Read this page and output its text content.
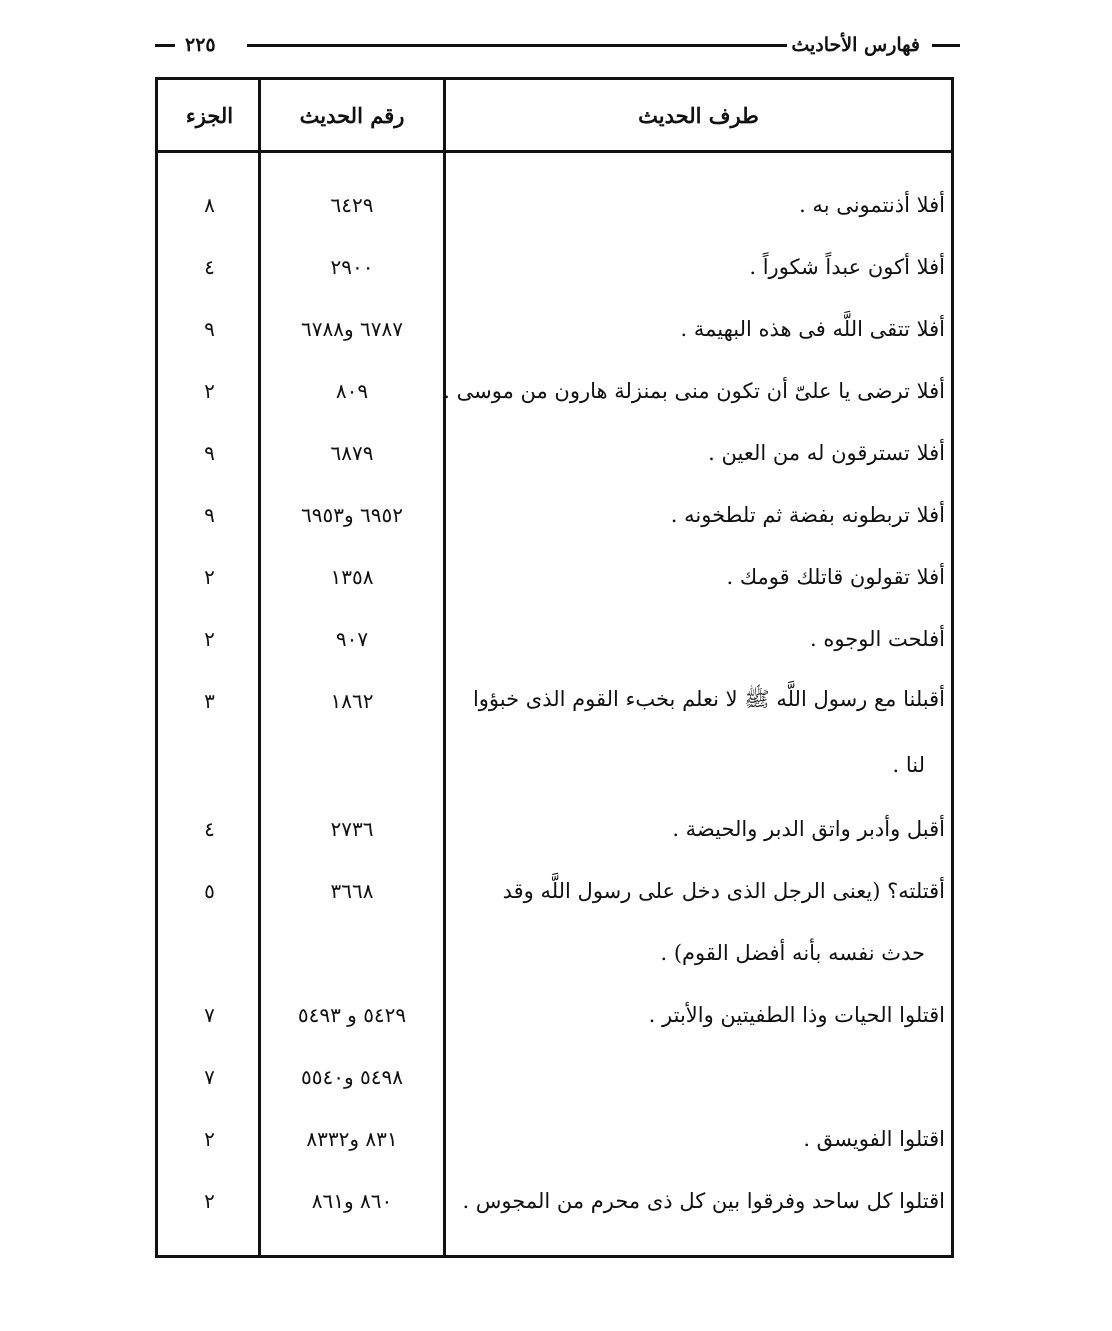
٢٢٥	فهارس الأحاديث
طرف الحديث
رقم الحديث
الجزء
أفلا أذنتمونى به .
٦٤٢٩
٨
أفلا أكون عبداً شكوراً .
٢٩٠٠
٤
أفلا تتقى اللَّه فى هذه البهيمة .
٦٧٨٧ و٦٧٨٨
٩
أفلا ترضى يا علىّ أن تكون منى بمنزلة هارون من موسى .
٨٠٩
٢
أفلا تسترقون له من العين .
٦٨٧٩
٩
أفلا تربطونه بفضة ثم تلطخونه .
٦٩٥٢ و٦٩٥٣
٩
أفلا تقولون قاتلك قومك .
١٣٥٨
٢
أفلحت الوجوه .
٩٠٧
٢
أقبلنا مع رسول اللَّه ﷺ لا نعلم بخبء القوم الذى خبؤوا
١٨٦٢
٣
لنا .
أقبل وأدبر واتق الدبر والحيضة .
٢٧٣٦
٤
أقتلته؟ (يعنى الرجل الذى دخل على رسول اللَّه وقد
٣٦٦٨
٥
حدث نفسه بأنه أفضل القوم) .
اقتلوا الحيات وذا الطفيتين والأبتر .
٥٤٢٩ و ٥٤٩٣
٧
٥٤٩٨ و٥٥٤٠
٧
اقتلوا الفويسق .
٨٣١ و٨٣٣٢
٢
اقتلوا كل ساحد وفرقوا بين كل ذى محرم من المجوس .
٨٦٠ و٨٦١
٢
